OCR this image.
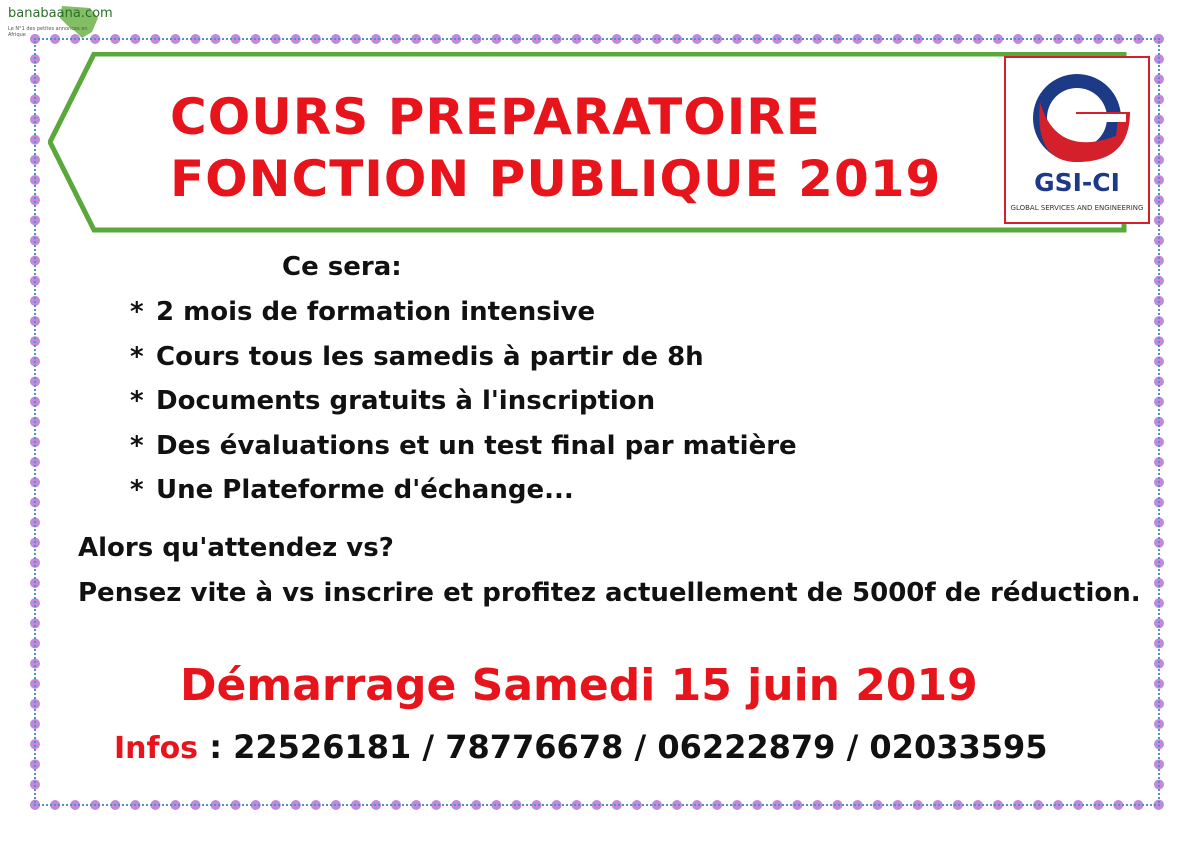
banabaana.com
Le N°1 des petites annonces en Afrique
COURS PREPARATOIRE
FONCTION PUBLIQUE 2019	GSI-CI
GLOBAL SERVICES AND ENGINEERING
Ce sera:
* 2 mois de formation intensive
* Cours tous les samedis à partir de 8h
* Documents gratuits à l'inscription
* Des évaluations et un test final par matière
* Une Plateforme d'échange...
Alors qu'attendez vs?
Pensez vite à vs inscrire et profitez actuellement de 5000f de réduction.
Démarrage Samedi 15 juin 2019
Infos : 22526181 / 78776678 / 06222879 / 02033595
